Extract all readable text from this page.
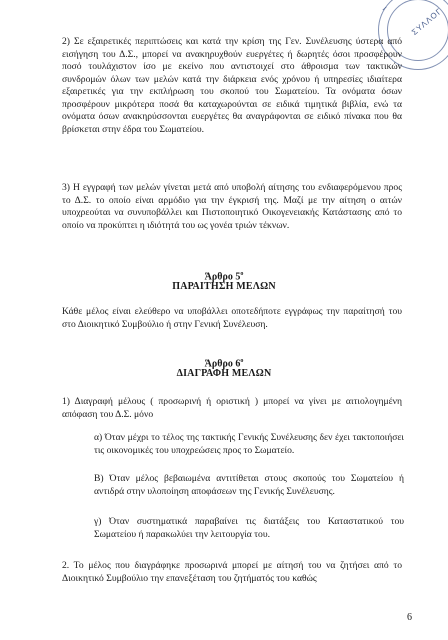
ΣΥΛΛΟΓ
Ι

2) Σε εξαιρετικές περιπτώσεις και κατά την κρίση της Γεν. Συνέλευσης ύστερα από εισήγηση του Δ.Σ., μπορεί να ανακηρυχθούν ευεργέτες ή δωρητές όσοι προσφέρουν ποσό τουλάχιστον ίσο με εκείνο που αντιστοιχεί στο άθροισμα των τακτικών συνδρομών όλων των μελών κατά την διάρκεια ενός χρόνου ή υπηρεσίες ιδιαίτερα εξαιρετικές για την εκπλήρωση του σκοπού του Σωματείου. Τα ονόματα όσων προσφέρουν μικρότερα ποσά θα καταχωρούνται σε ειδικά τιμητικά βιβλία, ενώ τα ονόματα όσων ανακηρύσσονται ευεργέτες θα αναγράφονται σε ειδικό πίνακα που θα βρίσκεται στην έδρα του Σωματείου.

3) Η εγγραφή των μελών γίνεται μετά από υποβολή αίτησης του ενδιαφερόμενου προς το Δ.Σ. το οποίο είναι αρμόδιο για την έγκρισή της. Μαζί με την αίτηση ο αιτών υποχρεούται να συνυποβάλλει και Πιστοποιητικό Οικογενειακής Κατάστασης από το οποίο να προκύπτει η ιδιότητά του ως γονέα τριών τέκνων.

Άρθρο $5^o$
ΠΑΡΑΙΤΗΣΗ ΜΕΛΩΝ

Κάθε μέλος είναι ελεύθερο να υποβάλλει οποτεδήποτε εγγράφως την παραίτησή του στο Διοικητικό Συμβούλιο ή στην Γενική Συνέλευση.

Άρθρο $6^o$
ΔΙΑΓΡΑΦΗ ΜΕΛΩΝ

1) Διαγραφή μέλους ( προσωρινή ή οριστική ) μπορεί να γίνει με αιτιολογημένη απόφαση του Δ.Σ. μόνο

α) Όταν μέχρι το τέλος της τακτικής Γενικής Συνέλευσης δεν έχει τακτοποιήσει τις οικονομικές του υποχρεώσεις προς το Σωματείο.

Β) Όταν μέλος βεβαιωμένα αντιτίθεται στους σκοπούς του Σωματείου ή αντιδρά στην υλοποίηση αποφάσεων της Γενικής Συνέλευσης.

γ) Όταν συστηματικά παραβαίνει τις διατάξεις του Καταστατικού του Σωματείου ή παρακωλύει την λειτουργία του.

2. Το μέλος που διαγράφηκε προσωρινά μπορεί με αίτησή του να ζητήσει από το Διοικητικό Συμβούλιο την επανεξέταση του ζητήματός του καθώς

6
